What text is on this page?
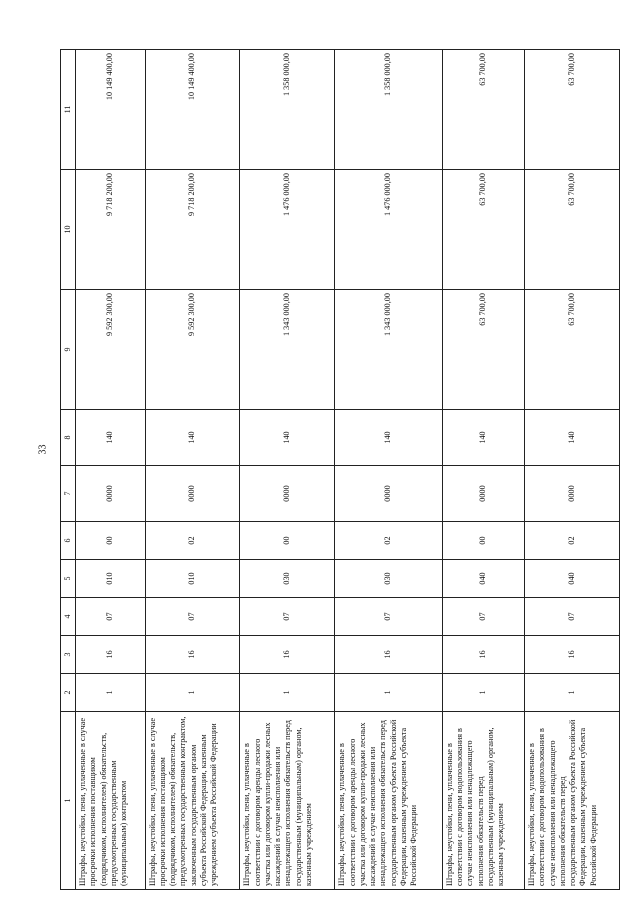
33
1	2	3	4	5	6	7	8	9	10	11
Штрафы, неустойки, пени, уплаченные в случае просрочки исполнения поставщиком (подрядчиком, исполнителем) обязательств, предусмотренных государственным (муниципальным) контрактом	1	16	07	010	00	0000	140	9 592 300,00	9 718 200,00	10 149 400,00
Штрафы, неустойки, пени, уплаченные в случае просрочки исполнения поставщиком (подрядчиком, исполнителем) обязательств, предусмотренных государственным контрактом, заключенным государственным органом субъекта Российской Федерации, казенным учреждением субъекта Российской Федерации	1	16	07	010	02	0000	140	9 592 300,00	9 718 200,00	10 149 400,00
Штрафы, неустойки, пени, уплаченные в соответствии с договором аренды лесного участка или договором купли-продажи лесных насаждений в случае неисполнения или ненадлежащего исполнения обязательств перед государственным (муниципальным) органом, казенным учреждением	1	16	07	030	00	0000	140	1 343 000,00	1 476 000,00	1 358 000,00
Штрафы, неустойки, пени, уплаченные в соответствии с договором аренды лесного участка или договором купли-продажи лесных насаждений в случае неисполнения или ненадлежащего исполнения обязательств перед государственным органом субъекта Российской Федерации, казенным учреждением субъекта Российской Федерации	1	16	07	030	02	0000	140	1 343 000,00	1 476 000,00	1 358 000,00
Штрафы, неустойки, пени, уплаченные в соответствии с договором водопользования в случае неисполнения или ненадлежащего исполнения обязательств перед государственным (муниципальным) органом, казенным учреждением	1	16	07	040	00	0000	140	63 700,00	63 700,00	63 700,00
Штрафы, неустойки, пени, уплаченные в соответствии с договором водопользования в случае неисполнения или ненадлежащего исполнения обязательств перед государственным органом субъекта Российской Федерации, казенным учреждением субъекта Российской Федерации	1	16	07	040	02	0000	140	63 700,00	63 700,00	63 700,00
